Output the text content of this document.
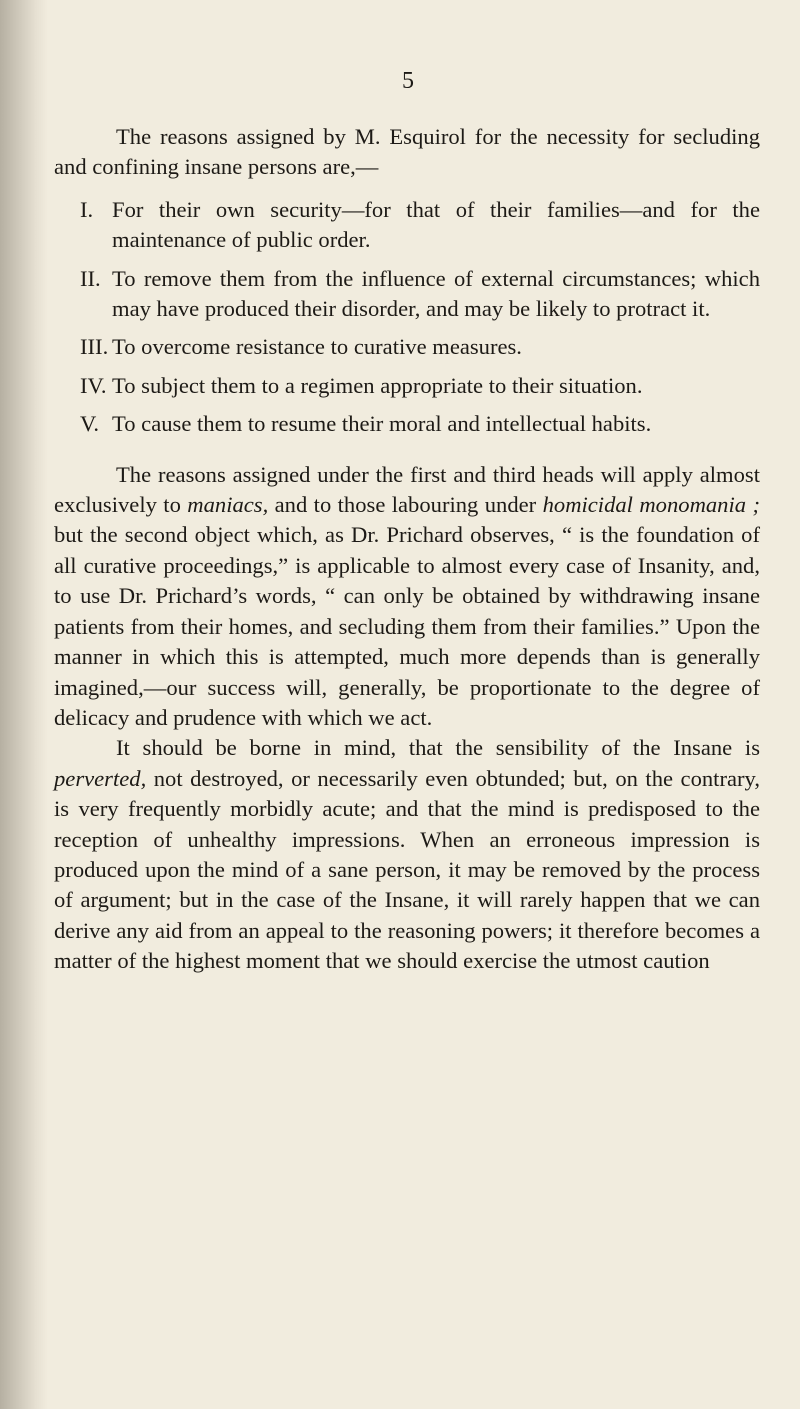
5

The reasons assigned by M. Esquirol for the necessity for secluding and confining insane persons are,—

I. For their own security—for that of their families—and for the maintenance of public order.
II. To remove them from the influence of external circumstances; which may have produced their disorder, and may be likely to protract it.
III. To overcome resistance to curative measures.
IV. To subject them to a regimen appropriate to their situation.
V. To cause them to resume their moral and intellectual habits.

The reasons assigned under the first and third heads will apply almost exclusively to maniacs, and to those labouring under homicidal monomania ; but the second object which, as Dr. Prichard observes, “ is the foundation of all curative proceedings,” is applicable to almost every case of Insanity, and, to use Dr. Prichard’s words, “ can only be obtained by withdrawing insane patients from their homes, and secluding them from their families.” Upon the manner in which this is attempted, much more depends than is generally imagined,—our success will, generally, be proportionate to the degree of delicacy and prudence with which we act.

It should be borne in mind, that the sensibility of the Insane is perverted, not destroyed, or necessarily even obtunded; but, on the contrary, is very frequently morbidly acute; and that the mind is predisposed to the reception of unhealthy impressions. When an erroneous impression is produced upon the mind of a sane person, it may be removed by the process of argument; but in the case of the Insane, it will rarely happen that we can derive any aid from an appeal to the reasoning powers; it therefore becomes a matter of the highest moment that we should exercise the utmost caution
